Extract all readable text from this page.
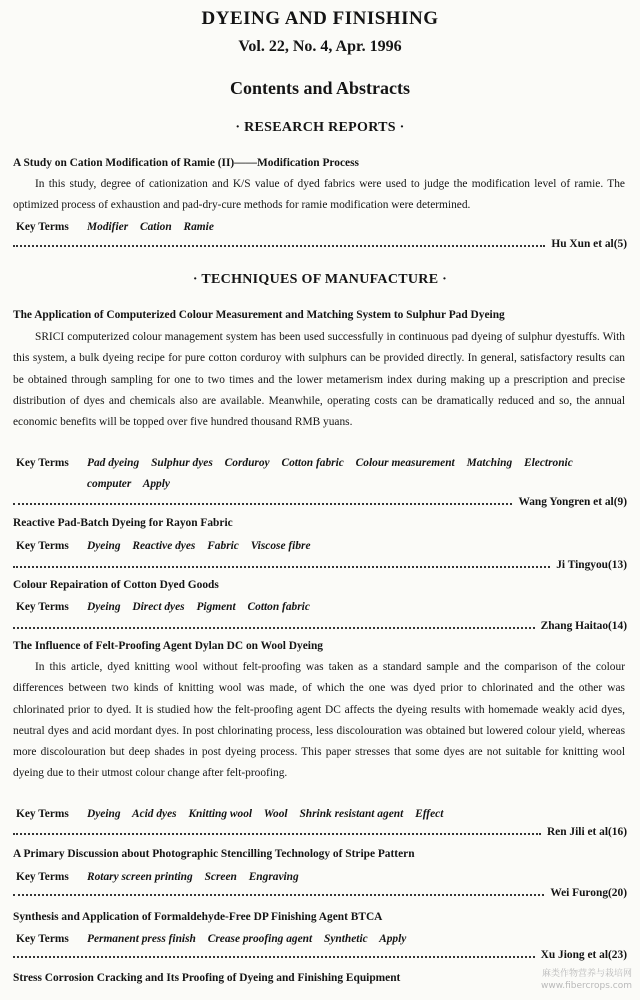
DYEING AND FINISHING
Vol. 22, No. 4, Apr. 1996
Contents and Abstracts
· RESEARCH REPORTS ·
A Study on Cation Modification of Ramie (II)——Modification Process

In this study, degree of cationization and K/S value of dyed fabrics were used to judge the modification level of ramie. The optimized process of exhaustion and pad-dry-cure methods for ramie modification were determined.

Key Terms Modifier Cation Ramie
Hu Xun et al(5)
· TECHNIQUES OF MANUFACTURE ·
The Application of Computerized Colour Measurement and Matching System to Sulphur Pad Dyeing

SRICI computerized colour management system has been used successfully in continuous pad dyeing of sulphur dyestuffs. With this system, a bulk dyeing recipe for pure cotton corduroy with sulphurs can be provided directly. In general, satisfactory results can be obtained through sampling for one to two times and the lower metamerism index during making up a prescription and precise distribution of dyes and chemicals also are available. Meanwhile, operating costs can be dramatically reduced and so, the annual economic benefits will be topped over five hundred thousand RMB yuans.

Key Terms Pad dyeing Sulphur dyes Corduroy Cotton fabric Colour measurement Matching Electronic computer Apply
Wang Yongren et al(9)
Reactive Pad-Batch Dyeing for Rayon Fabric
Key Terms Dyeing Reactive dyes Fabric Viscose fibre
Ji Tingyou(13)
Colour Repairation of Cotton Dyed Goods
Key Terms Dyeing Direct dyes Pigment Cotton fabric
Zhang Haitao(14)
The Influence of Felt-Proofing Agent Dylan DC on Wool Dyeing

In this article, dyed knitting wool without felt-proofing was taken as a standard sample and the comparison of the colour differences between two kinds of knitting wool was made, of which the one was dyed prior to chlorinated and the other was chlorinated prior to dyed. It is studied how the felt-proofing agent DC affects the dyeing results with homemade weakly acid dyes, neutral dyes and acid mordant dyes. In post chlorinating process, less discolouration was obtained but lowered colour yield, whereas more discolouration but deep shades in post dyeing process. This paper stresses that some dyes are not suitable for knitting wool dyeing due to their utmost colour change after felt-proofing.

Key Terms Dyeing Acid dyes Knitting wool Wool Shrink resistant agent Effect
Ren Jili et al(16)
A Primary Discussion about Photographic Stencilling Technology of Stripe Pattern
Key Terms Rotary screen printing Screen Engraving
Wei Furong(20)
Synthesis and Application of Formaldehyde-Free DP Finishing Agent BTCA
Key Terms Permanent press finish Crease proofing agent Synthetic Apply
Xu Jiong et al(23)
Stress Corrosion Cracking and Its Proofing of Dyeing and Finishing Equipment	麻类作物营养与栽培网
www.fibercrops.com
